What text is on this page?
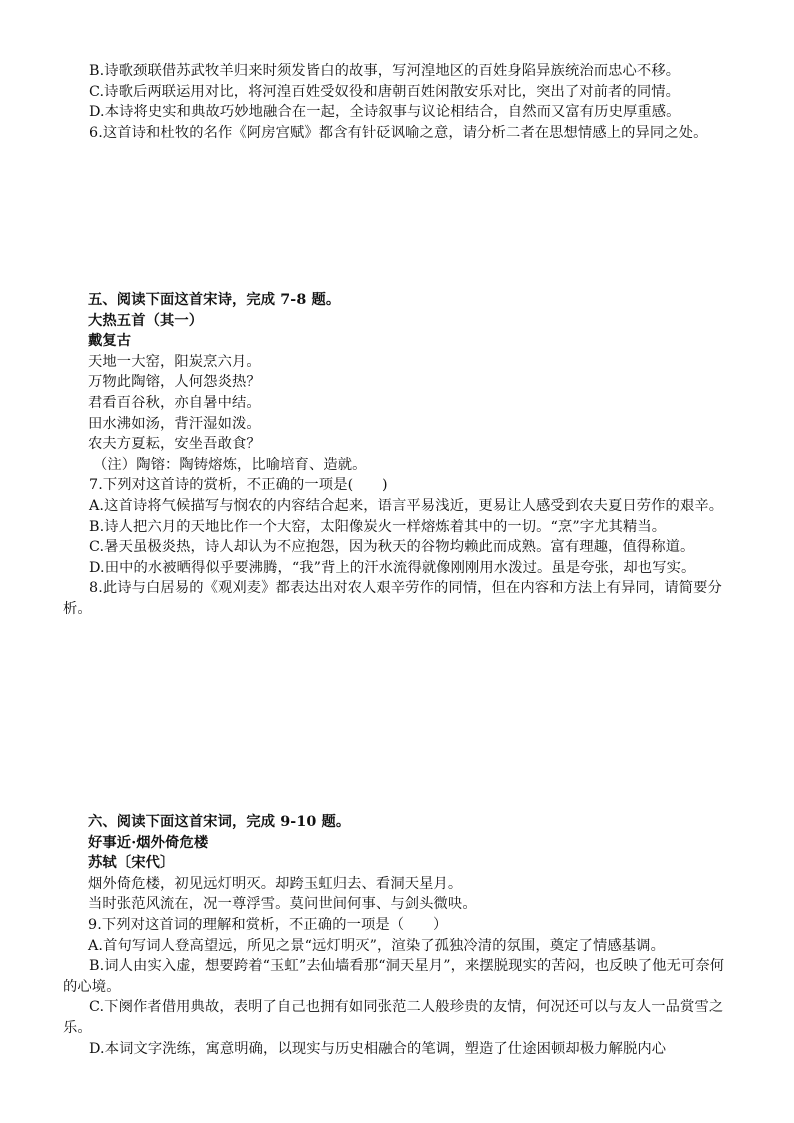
B.诗歌颈联借苏武牧羊归来时须发皆白的故事，写河湟地区的百姓身陷异族统治而忠心不移。

C.诗歌后两联运用对比，将河湟百姓受奴役和唐朝百姓闲散安乐对比，突出了对前者的同情。

D.本诗将史实和典故巧妙地融合在一起，全诗叙事与议论相结合，自然而又富有历史厚重感。

6.这首诗和杜牧的名作《阿房宫赋》都含有针砭讽喻之意，请分析二者在思想情感上的异同之处。

五、阅读下面这首宋诗，完成 7-8 题。

大热五首（其一）

戴复古

天地一大窑，阳炭烹六月。

万物此陶镕，人何怨炎热？

君看百谷秋，亦自暑中结。

田水沸如汤，背汗湿如泼。

农夫方夏耘，安坐吾敢食？

（注）陶镕：陶铸熔炼，比喻培育、造就。

7.下列对这首诗的赏析，不正确的一项是(　　)

A.这首诗将气候描写与悯农的内容结合起来，语言平易浅近，更易让人感受到农夫夏日劳作的艰辛。

B.诗人把六月的天地比作一个大窑，太阳像炭火一样熔炼着其中的一切。“烹”字尤其精当。

C.暑天虽极炎热，诗人却认为不应抱怨，因为秋天的谷物均赖此而成熟。富有理趣，值得称道。

D.田中的水被晒得似乎要沸腾，“我”背上的汗水流得就像刚刚用水泼过。虽是夸张，却也写实。

8.此诗与白居易的《观刈麦》都表达出对农人艰辛劳作的同情，但在内容和方法上有异同，请简要分析。

六、阅读下面这首宋词，完成 9-10 题。

好事近·烟外倚危楼

苏轼〔宋代〕

烟外倚危楼，初见远灯明灭。却跨玉虹归去、看洞天星月。

当时张范风流在，况一尊浮雪。莫问世间何事、与剑头微吷。

9.下列对这首词的理解和赏析，不正确的一项是（　　）

A.首句写词人登高望远，所见之景“远灯明灭”，渲染了孤独冷清的氛围，奠定了情感基调。

B.词人由实入虚，想要跨着“玉虹”去仙墙看那“洞天星月”，来摆脱现实的苦闷，也反映了他无可奈何的心境。

C.下阕作者借用典故，表明了自己也拥有如同张范二人般珍贵的友情，何况还可以与友人一品赏雪之乐。

D.本词文字洗练，寓意明确，以现实与历史相融合的笔调，塑造了仕途困顿却极力解脱内心
